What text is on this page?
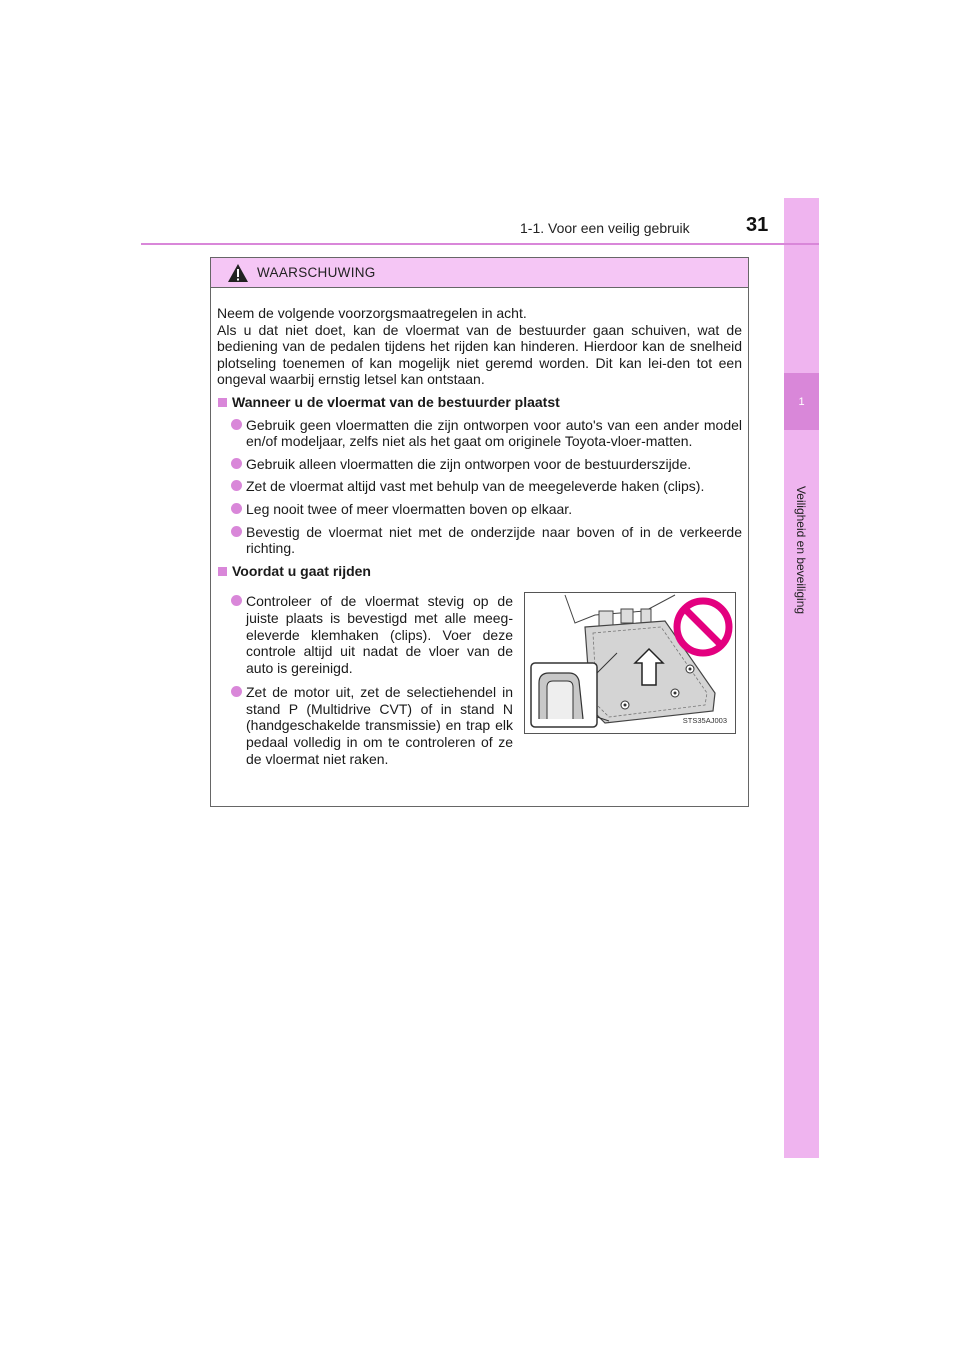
1
Veiligheid en beveiliging
1-1. Voor een veilig gebruik	31
WAARSCHUWING

Neem de volgende voorzorgsmaatregelen in acht.

Als u dat niet doet, kan de vloermat van de bestuurder gaan schuiven, wat de bediening van de pedalen tijdens het rijden kan hinderen. Hierdoor kan de snelheid plotseling toenemen of kan mogelijk niet geremd worden. Dit kan lei-den tot een ongeval waarbij ernstig letsel kan ontstaan.

Wanneer u de vloermat van de bestuurder plaatst
Gebruik geen vloermatten die zijn ontworpen voor auto's van een ander model en/of modeljaar, zelfs niet als het gaat om originele Toyota-vloer-matten.
Gebruik alleen vloermatten die zijn ontworpen voor de bestuurderszijde.
Zet de vloermat altijd vast met behulp van de meegeleverde haken (clips).
Leg nooit twee of meer vloermatten boven op elkaar.
Bevestig de vloermat niet met de onderzijde naar boven of in de verkeerde richting.
Voordat u gaat rijden
Controleer of de vloermat stevig op de juiste plaats is bevestigd met alle meeg-eleverde klemhaken (clips). Voer deze controle altijd uit nadat de vloer van de auto is gereinigd.
Zet de motor uit, zet de selectiehendel in stand P (Multidrive CVT) of in stand N (handgeschakelde transmissie) en trap elk pedaal volledig in om te controleren of ze de vloermat niet raken.
STS35AJ003
